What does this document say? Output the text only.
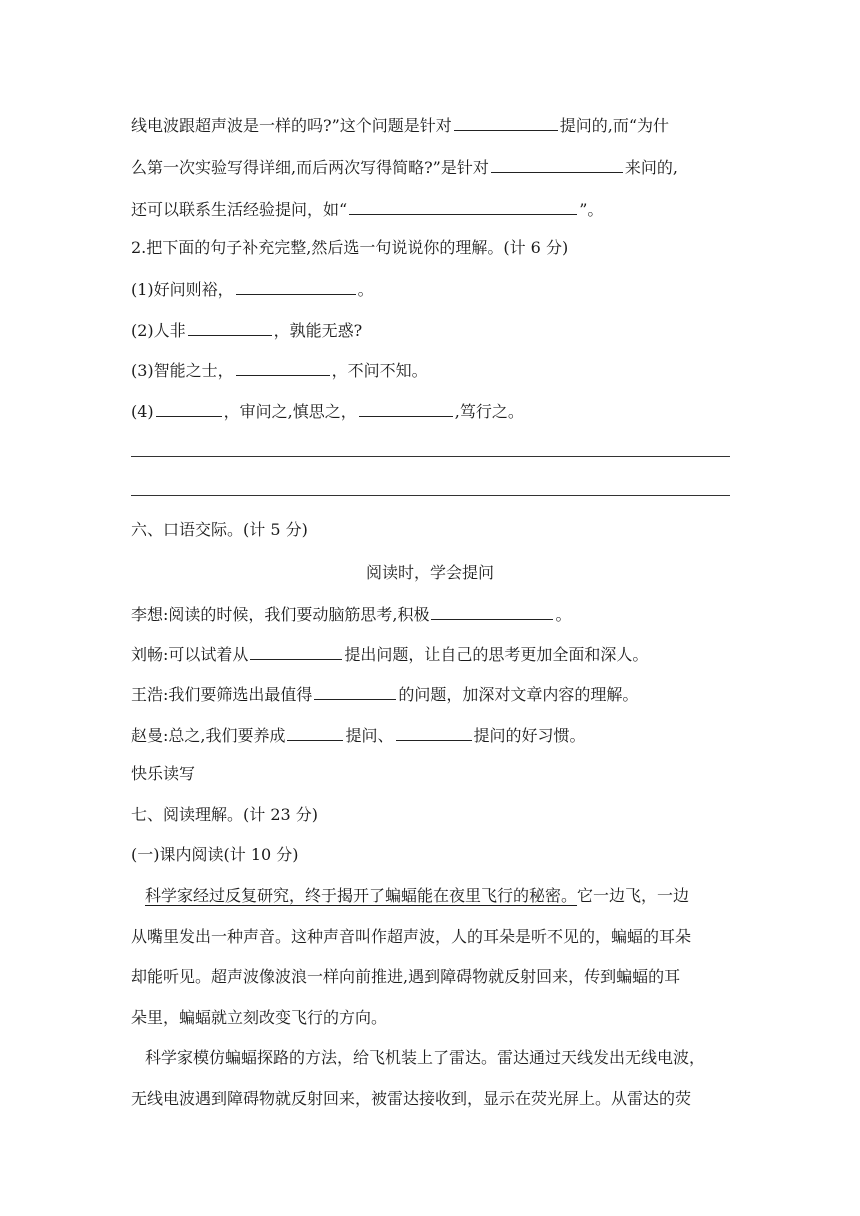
线电波跟超声波是一样的吗?”这个问题是针对	提问的,而“为什
么第一次实验写得详细,而后两次写得简略?”是针对	来问的,
还可以联系生活经验提问，如“	”。
2.把下面的句子补充完整,然后选一句说说你的理解。(计 6 分)
(1)好问则裕，	。
(2)人非	，孰能无惑?
(3)智能之士，	，不问不知。
(4)	，审问之,慎思之，	,笃行之。
六、口语交际。(计 5 分)
阅读时，学会提问
李想:阅读的时候，我们要动脑筋思考,积极	。
刘畅:可以试着从	提出问题，让自己的思考更加全面和深人。
王浩:我们要筛选出最值得	的问题，加深对文章内容的理解。
赵曼:总之,我们要养成	提问、	提问的好习惯。
快乐读写
七、阅读理解。(计 23 分)
(一)课内阅读(计 10 分)
科学家经过反复研究，终于揭开了蝙蝠能在夜里飞行的秘密。它一边飞，一边
从嘴里发出一种声音。这种声音叫作超声波，人的耳朵是听不见的，蝙蝠的耳朵
却能听见。超声波像波浪一样向前推进,遇到障碍物就反射回来，传到蝙蝠的耳
朵里，蝙蝠就立刻改变飞行的方向。
科学家模仿蝙蝠探路的方法，给飞机装上了雷达。雷达通过天线发出无线电波，
无线电波遇到障碍物就反射回来，被雷达接收到，显示在荧光屏上。从雷达的荧
